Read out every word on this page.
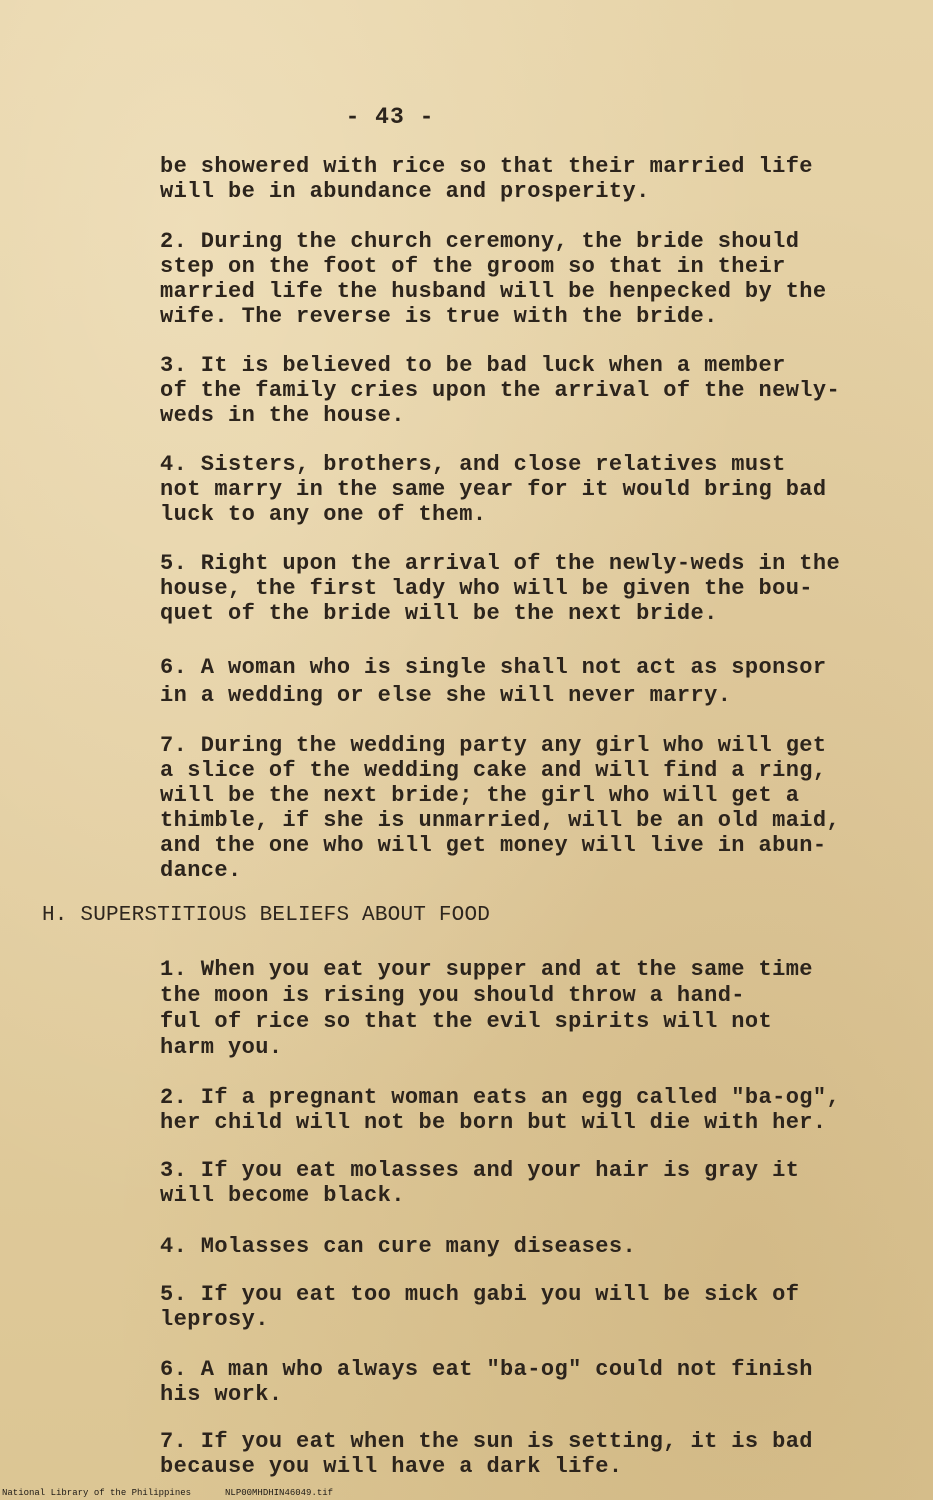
- 43 -

be showered with rice so that their married life
will be in abundance and prosperity.

2. During the church ceremony, the bride should
step on the foot of the groom so that in their
married life the husband will be henpecked by the
wife. The reverse is true with the bride.

3. It is believed to be bad luck when a member
of the family cries upon the arrival of the newly-
weds in the house.

4. Sisters, brothers, and close relatives must
not marry in the same year for it would bring bad
luck to any one of them.

5. Right upon the arrival of the newly-weds in the
house, the first lady who will be given the bou-
quet of the bride will be the next bride.

6. A woman who is single shall not act as sponsor
in a wedding or else she will never marry.

7. During the wedding party any girl who will get
a slice of the wedding cake and will find a ring,
will be the next bride; the girl who will get a
thimble, if she is unmarried, will be an old maid,
and the one who will get money will live in abun-
dance.

H. SUPERSTITIOUS BELIEFS ABOUT FOOD

1. When you eat your supper and at the same time
the moon is rising you should throw a hand-
ful of rice so that the evil spirits will not
harm you.

2. If a pregnant woman eats an egg called "ba-og",
her child will not be born but will die with her.

3. If you eat molasses and your hair is gray it
will become black.

4. Molasses can cure many diseases.

5. If you eat too much gabi you will be sick of
leprosy.

6. A man who always eat "ba-og" could not finish
his work.

7. If you eat when the sun is setting, it is bad
because you will have a dark life.

National Library of the Philippines	NLP00MHDHIN46049.tif
